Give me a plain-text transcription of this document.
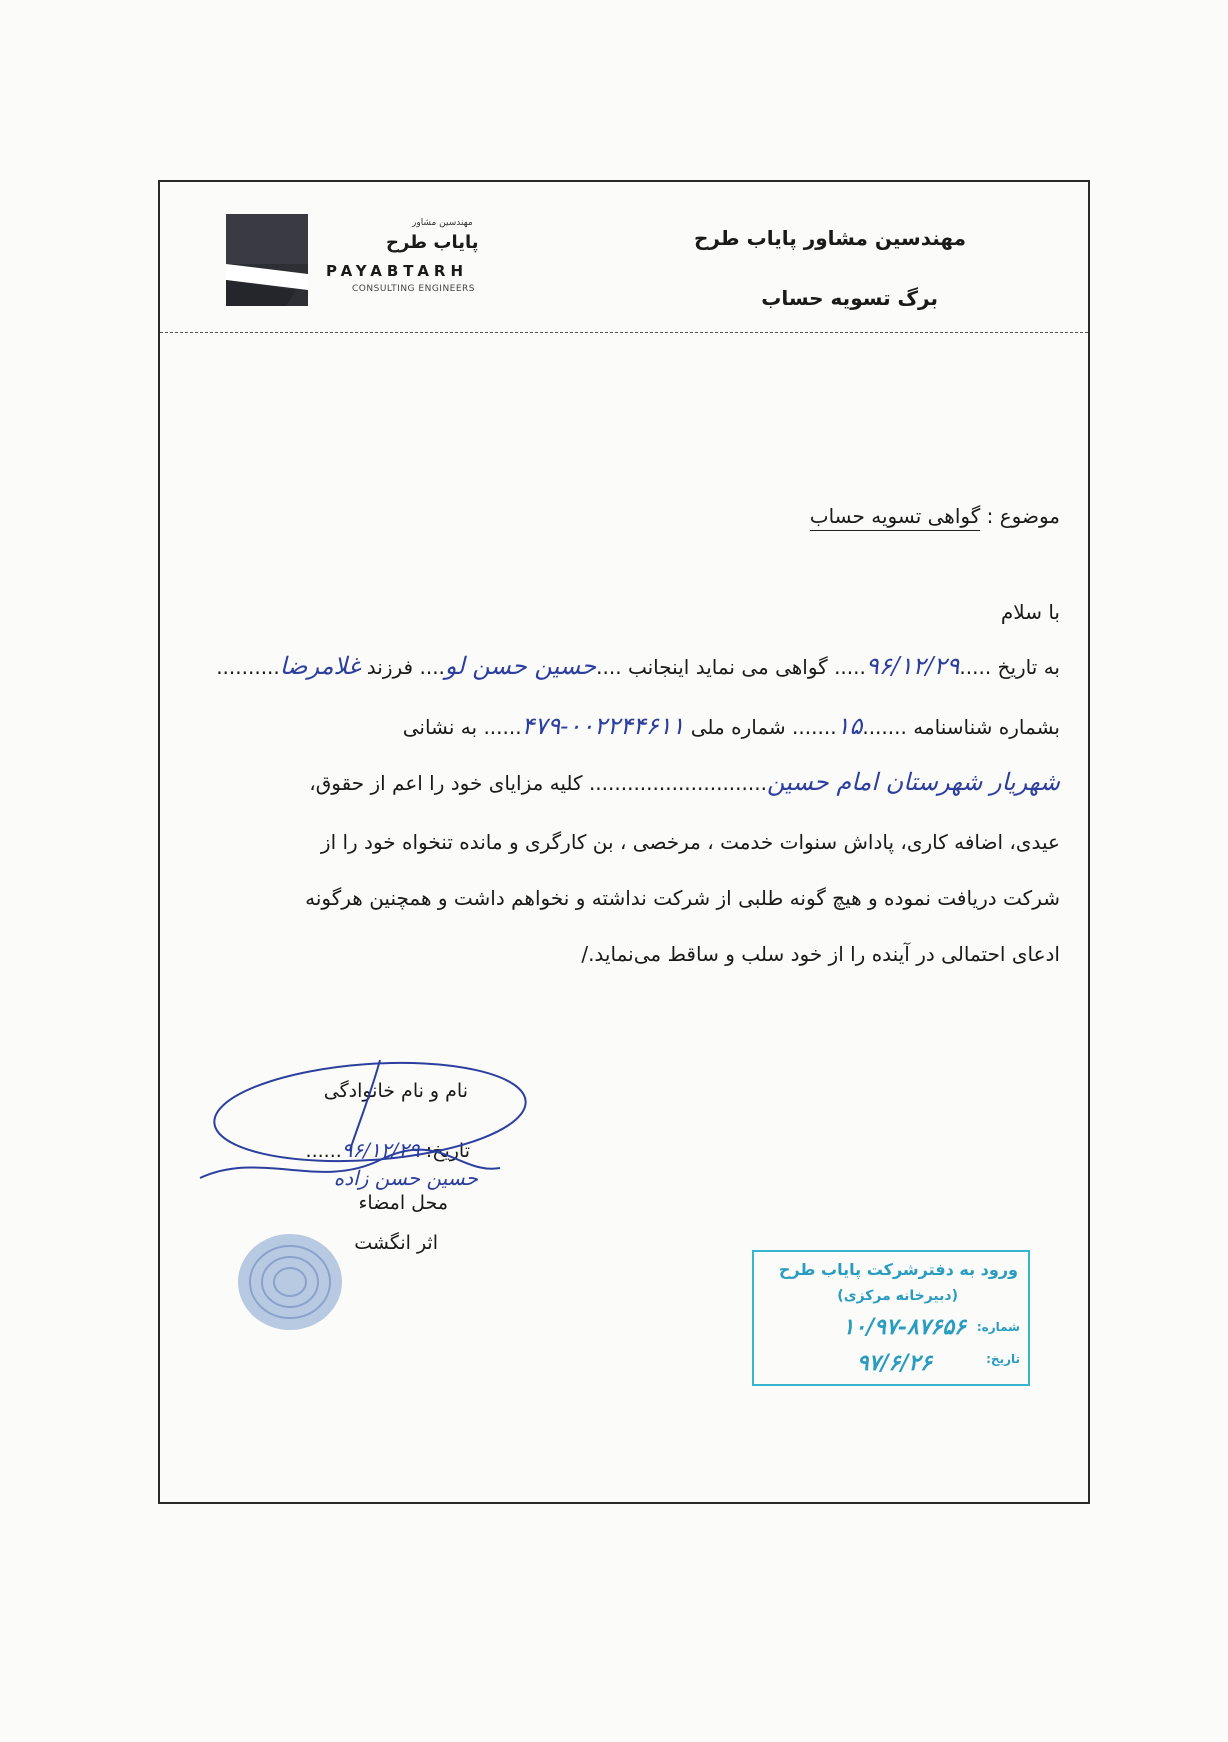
مهندسین مشاور پایاب طرح
برگ تسویه حساب
مهندسین مشاور
پایاب طرح
PAYABTARH
CONSULTING ENGINEERS
موضوع : گواهی تسویه حساب
با سلام
به تاریخ .....۹۶/۱۲/۲۹..... گواهی می نماید اینجانب ....حسین حسن لو.... فرزند غلامرضا..........
بشماره شناسنامه .......۱۵....... شماره ملی ۰۰۲۲۴۴۶۱۱-۴۷۹...... به نشانی
شهریار شهرستان امام حسین............................ کلیه مزایای خود را اعم از حقوق،
عیدی، اضافه کاری، پاداش سنوات خدمت ، مرخصی ، بن کارگری و مانده تنخواه خود را از
شرکت دریافت نموده و هیچ گونه طلبی از شرکت نداشته و نخواهم داشت و همچنین هرگونه
ادعای احتمالی در آینده را از خود سلب و ساقط می‌نماید./
نام و نام خانوادگی
تاریخ: ۹۶/۱۲/۲۹......
حسین حسن زاده
محل امضاء
اثر انگشت
ورود به دفترشرکت پایاب طرح
(دبیرخانه مرکزی)
شماره:
۱۰/۹۷-۸۷۶۵۶
تاریخ:
۹۷/۶/۲۶
